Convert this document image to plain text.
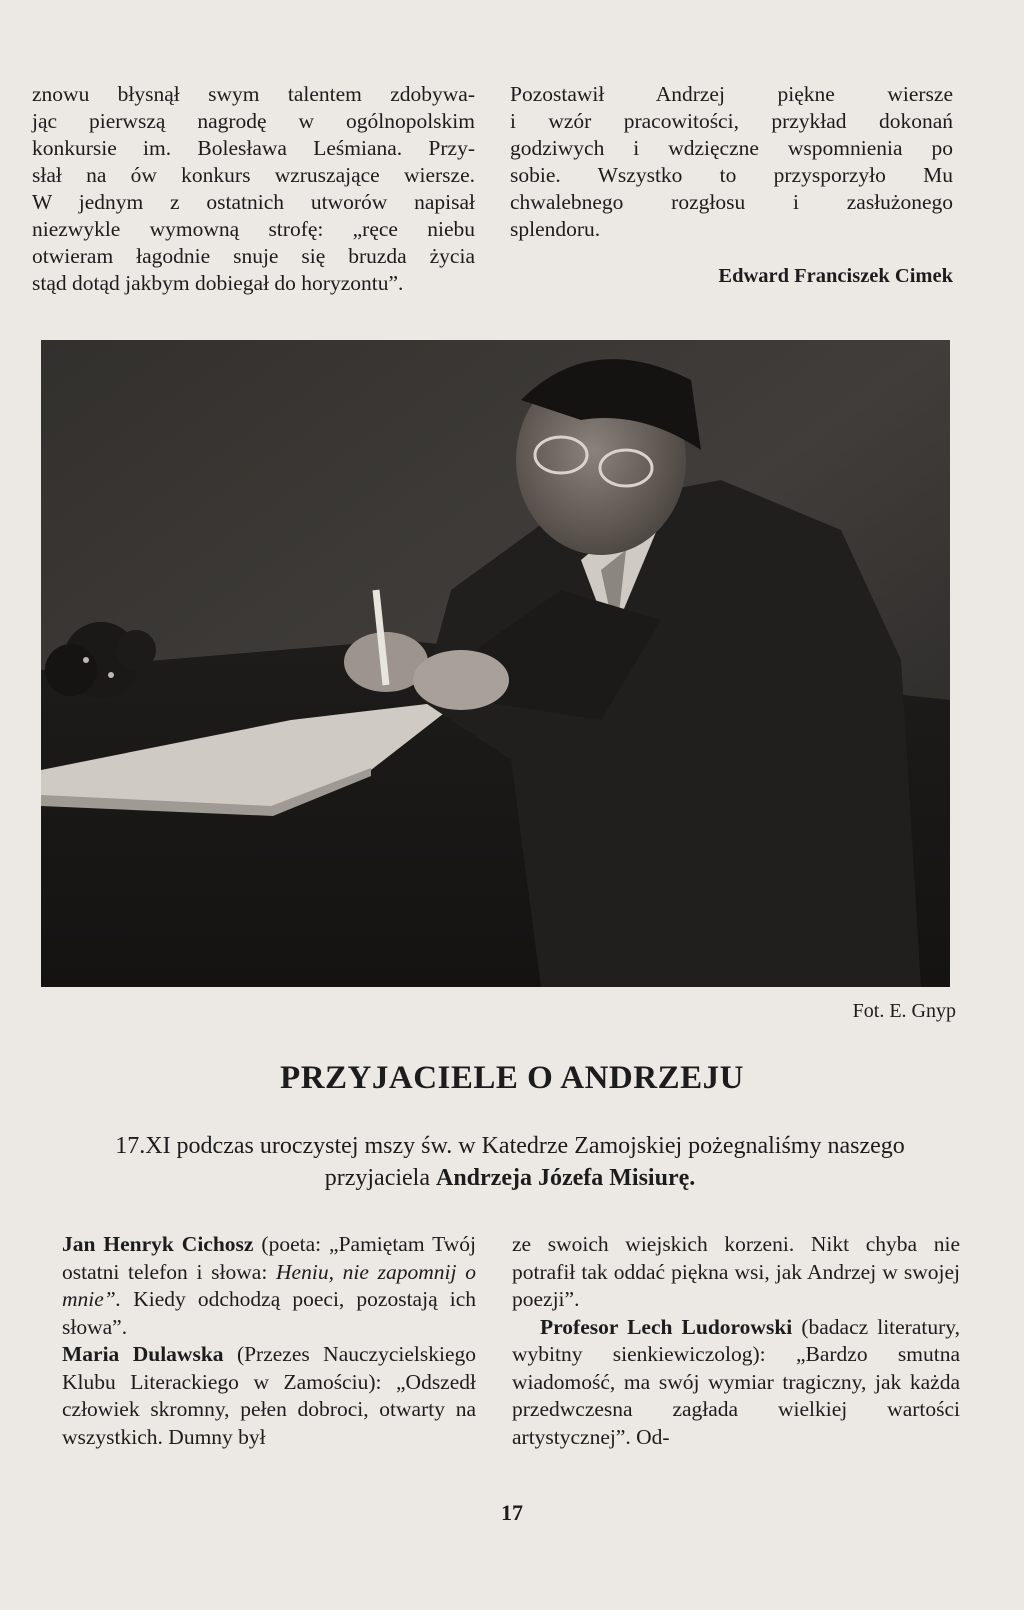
znowu błysnął swym talentem zdobywa-
jąc pierwszą nagrodę w ogólnopolskim
konkursie im. Bolesława Leśmiana. Przy-
słał na ów konkurs wzruszające wiersze.
W jednym z ostatnich utworów napisał
niezwykle wymowną strofę: „ręce niebu
otwieram łagodnie snuje się bruzda życia
stąd dotąd jakbym dobiegał do horyzontu”.
Pozostawił Andrzej piękne wiersze
i wzór pracowitości, przykład dokonań
godziwych i wdzięczne wspomnienia po
sobie. Wszystko to przysporzyło Mu
chwalebnego rozgłosu i zasłużonego
splendoru.

Edward Franciszek Cimek

Fot. E. Gnyp
PRZYJACIELE O ANDRZEJU
17.XI podczas uroczystej mszy św. w Katedrze Zamojskiej pożegnaliśmy naszego przyjaciela Andrzeja Józefa Misiurę.

Jan Henryk Cichosz (poeta: „Pamiętam Twój ostatni telefon i słowa: Heniu, nie zapomnij o mnie”. Kiedy odchodzą poeci, pozostają ich słowa”.

Maria Dulawska (Przezes Nauczycielskiego Klubu Literackiego w Zamościu): „Odszedł człowiek skromny, pełen dobroci, otwarty na wszystkich. Dumny był

ze swoich wiejskich korzeni. Nikt chyba nie potrafił tak oddać piękna wsi, jak Andrzej w swojej poezji”.

Profesor Lech Ludorowski (badacz literatury, wybitny sienkiewiczolog): „Bardzo smutna wiadomość, ma swój wymiar tragiczny, jak każda przedwczesna zagłada wielkiej wartości artystycznej”. Od-

17
